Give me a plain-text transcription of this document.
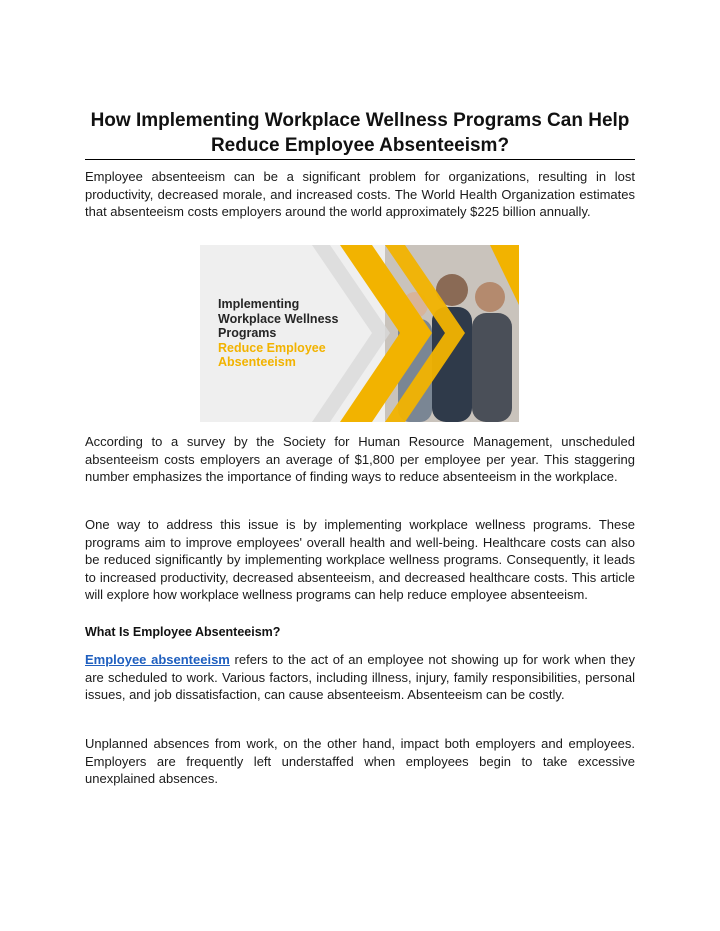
How Implementing Workplace Wellness Programs Can Help
Reduce Employee Absenteeism?
Employee absenteeism can be a significant problem for organizations, resulting in lost productivity, decreased morale, and increased costs. The World Health Organization estimates that absenteeism costs employers around the world approximately $225 billion annually.
According to a survey by the Society for Human Resource Management, unscheduled absenteeism costs employers an average of $1,800 per employee per year. This staggering number emphasizes the importance of finding ways to reduce absenteeism in the workplace.
One way to address this issue is by implementing workplace wellness programs. These programs aim to improve employees' overall health and well-being. Healthcare costs can also be reduced significantly by implementing workplace wellness programs. Consequently, it leads to increased productivity, decreased absenteeism, and decreased healthcare costs. This article will explore how workplace wellness programs can help reduce employee absenteeism.
What Is Employee Absenteeism?
Employee absenteeism refers to the act of an employee not showing up for work when they are scheduled to work. Various factors, including illness, injury, family responsibilities, personal issues, and job dissatisfaction, can cause absenteeism. Absenteeism can be costly.
Unplanned absences from work, on the other hand, impact both employers and employees. Employers are frequently left understaffed when employees begin to take excessive unexplained absences.
Implementing
Workplace Wellness
Programs
Reduce Employee
Absenteeism
